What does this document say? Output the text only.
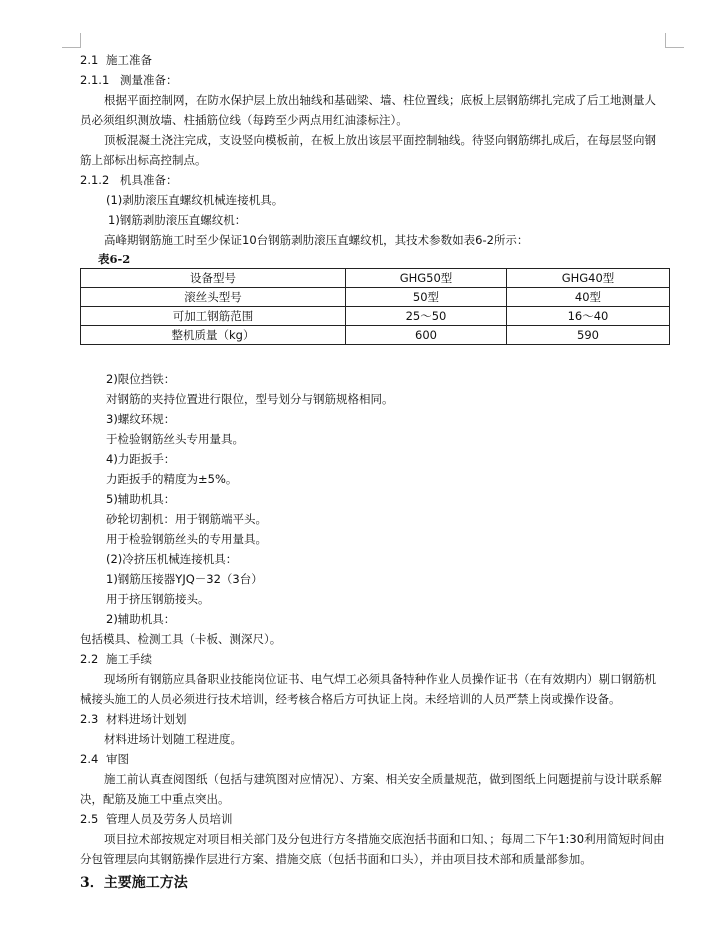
2.1 施工准备
2.1.1 测量准备：
根据平面控制网，在防水保护层上放出轴线和基础梁、墙、柱位置线；底板上层钢筋绑扎完成了后工地测量人员必须组织测放墙、柱插筋位线（每跨至少两点用红油漆标注）。
顶板混凝土浇注完成，支设竖向模板前，在板上放出该层平面控制轴线。待竖向钢筋绑扎成后，在每层竖向钢筋上部标出标高控制点。
2.1.2 机具准备：
(1)剥肋滚压直螺纹机械连接机具。
1)钢筋剥肋滚压直螺纹机：
高峰期钢筋施工时至少保证10台钢筋剥肋滚压直螺纹机，其技术参数如表6-2所示：
表6-2
设备型号	GHG50型	GHG40型
滚丝头型号	50型	40型
可加工钢筋范围	25～50	16～40
整机质量（kg）	600	590
2)限位挡铁：
对钢筋的夹持位置进行限位，型号划分与钢筋规格相同。
3)螺纹环规：
于检验钢筋丝头专用量具。
4)力距扳手：
力距扳手的精度为±5%。
5)辅助机具：
砂轮切割机：用于钢筋端平头。
用于检验钢筋丝头的专用量具。
(2)冷挤压机械连接机具：
1)钢筋压接器YJQ－32（3台）
用于挤压钢筋接头。
2)辅助机具：
包括模具、检测工具（卡板、测深尺）。
2.2 施工手续
现场所有钢筋应具备职业技能岗位证书、电气焊工必须具备特种作业人员操作证书（在有效期内）剔口钢筋机械接头施工的人员必须进行技术培训，经考核合格后方可执证上岗。未经培训的人员严禁上岗或操作设备。
2.3 材料进场计划划
材料进场计划随工程进度。
2.4 审图
施工前认真查阅图纸（包括与建筑图对应情况）、方案、相关安全质量规范，做到图纸上问题提前与设计联系解决，配筋及施工中重点突出。
2.5 管理人员及劳务人员培训
项目拉术部按规定对项目相关部门及分包进行方冬措施交底泡括书面和口知、；每周二下午1:30利用简短时间由分包管理层向其钢筋操作层进行方案、措施交底（包括书面和口头），并由项目技术部和质量部参加。
3．主要施工方法
